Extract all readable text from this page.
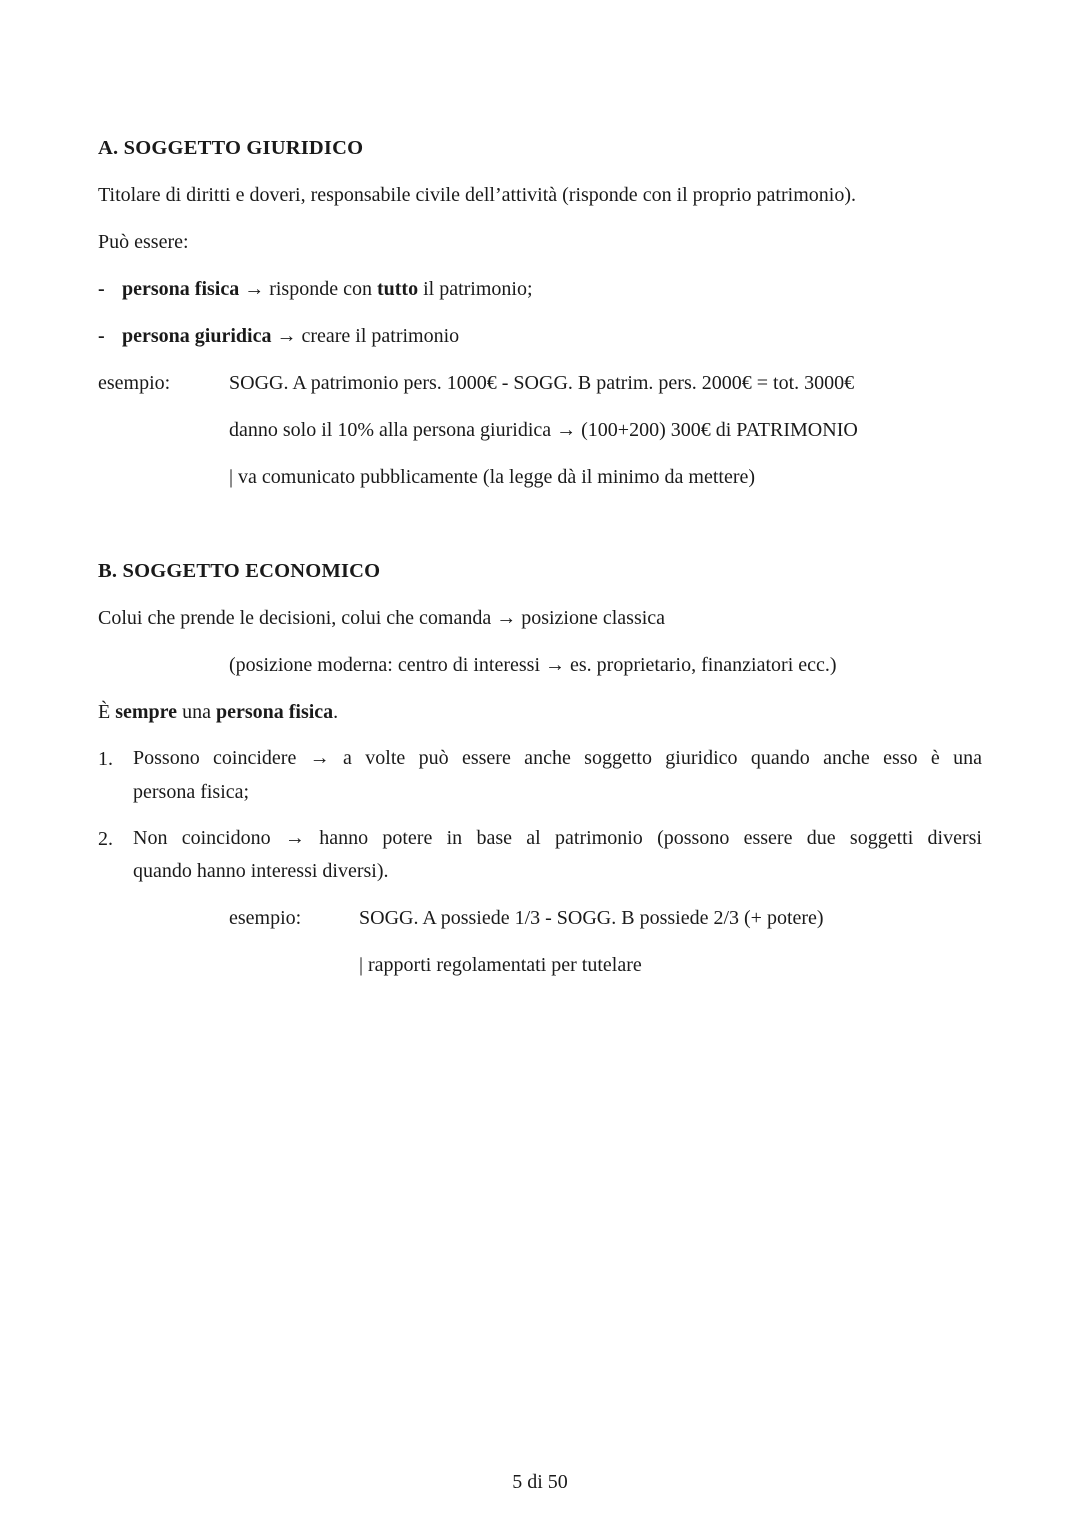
A. SOGGETTO GIURIDICO
Titolare di diritti e doveri, responsabile civile dell’attività (risponde con il proprio patrimonio).
Può essere:
- persona fisica → risponde con tutto il patrimonio;
- persona giuridica → creare il patrimonio
esempio:	SOGG. A patrimonio pers. 1000€ - SOGG. B patrim. pers. 2000€ = tot. 3000€
danno solo il 10% alla persona giuridica → (100+200) 300€ di PATRIMONIO
| va comunicato pubblicamente (la legge dà il minimo da mettere)
B. SOGGETTO ECONOMICO
Colui che prende le decisioni, colui che comanda → posizione classica
(posizione moderna: centro di interessi → es. proprietario, finanziatori ecc.)
È sempre una persona fisica.
1. Possono coincidere → a volte può essere anche soggetto giuridico quando anche esso è una
persona fisica;
2. Non coincidono → hanno potere in base al patrimonio (possono essere due soggetti diversi
quando hanno interessi diversi).
esempio:	SOGG. A possiede 1/3 - SOGG. B possiede 2/3 (+ potere)
| rapporti regolamentati per tutelare
5 di 50
